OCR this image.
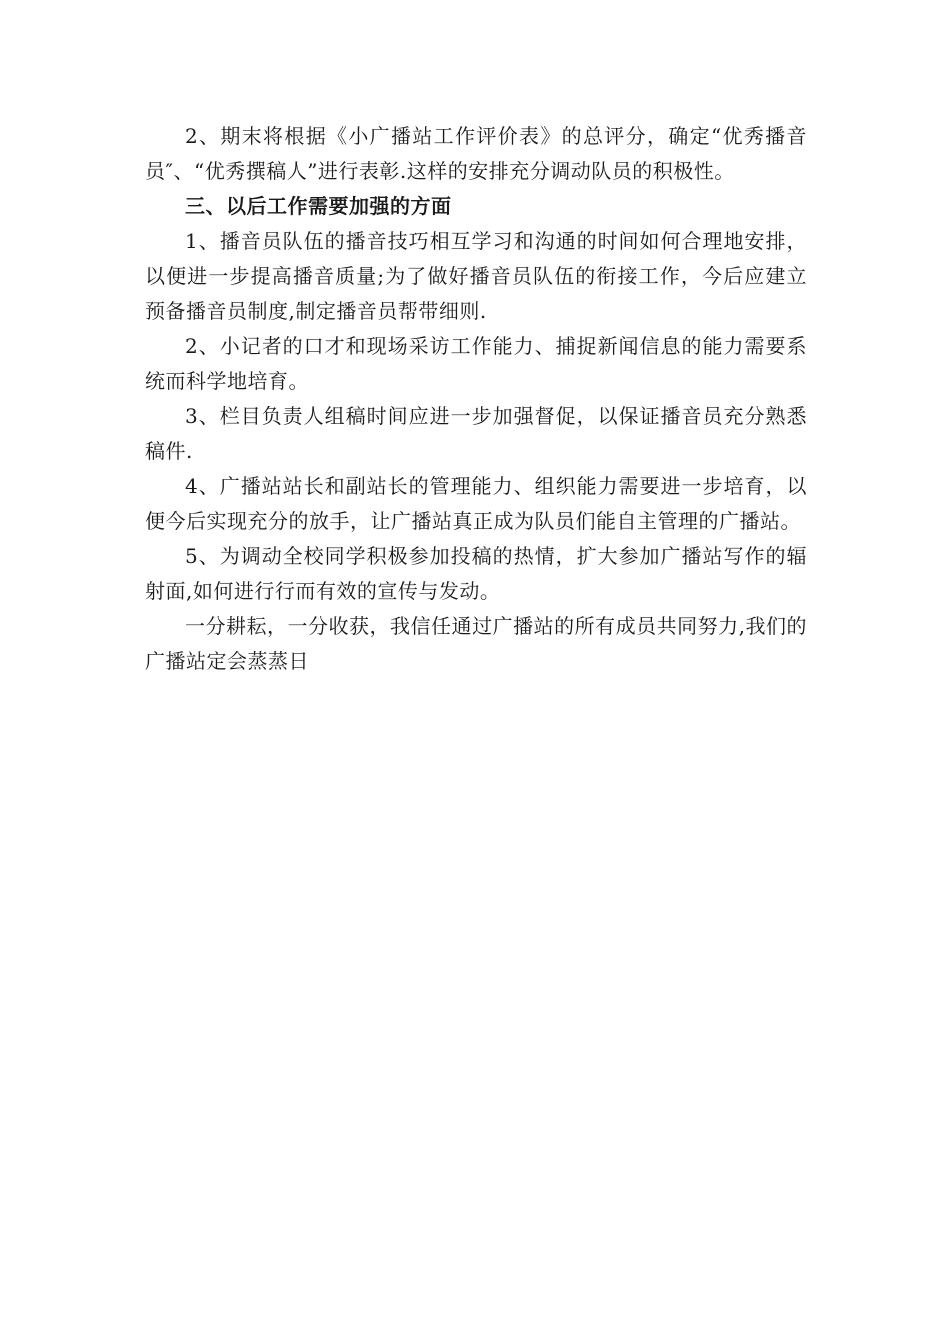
2、期末将根据《小广播站工作评价表》的总评分，确定“优秀播音员″、“优秀撰稿人”进行表彰.这样的安排充分调动队员的积极性。

三、以后工作需要加强的方面

1、播音员队伍的播音技巧相互学习和沟通的时间如何合理地安排，以便进一步提高播音质量;为了做好播音员队伍的衔接工作，今后应建立预备播音员制度,制定播音员帮带细则.

2、小记者的口才和现场采访工作能力、捕捉新闻信息的能力需要系统而科学地培育。

3、栏目负责人组稿时间应进一步加强督促，以保证播音员充分熟悉稿件.

4、广播站站长和副站长的管理能力、组织能力需要进一步培育，以便今后实现充分的放手，让广播站真正成为队员们能自主管理的广播站。

5、为调动全校同学积极参加投稿的热情，扩大参加广播站写作的辐射面,如何进行行而有效的宣传与发动。

一分耕耘，一分收获，我信任通过广播站的所有成员共同努力,我们的广播站定会蒸蒸日
